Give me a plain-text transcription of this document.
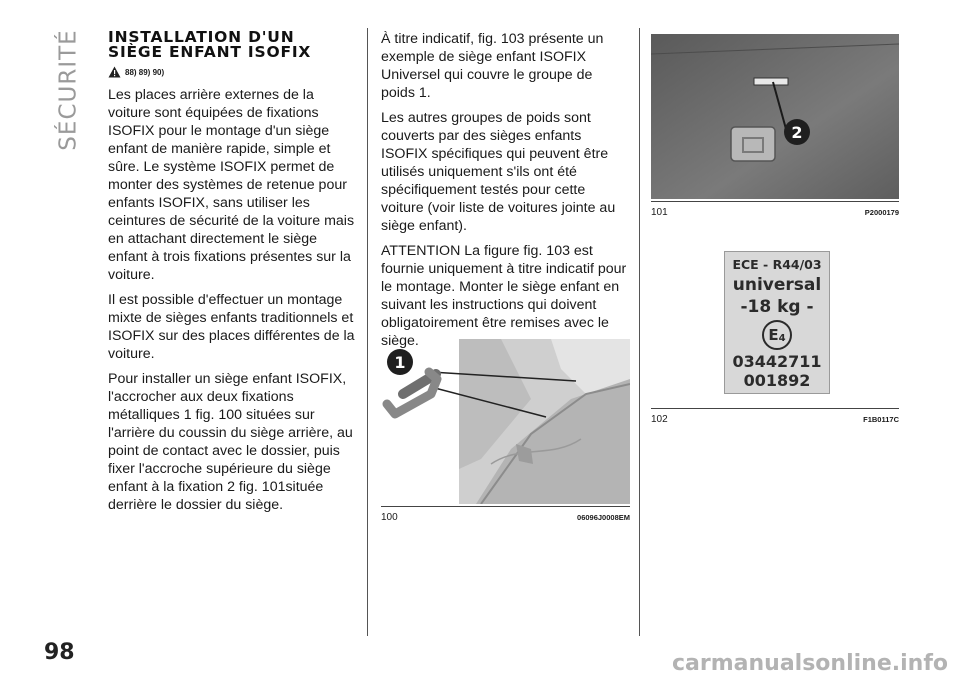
SÉCURITÉ INSTALLATION D'UN
SIÈGE ENFANT ISOFIX
88) 89) 90)

Les places arrière externes de la voiture sont équipées de fixations ISOFIX pour le montage d'un siège enfant de manière rapide, simple et sûre. Le système ISOFIX permet de monter des systèmes de retenue pour enfants ISOFIX, sans utiliser les ceintures de sécurité de la voiture mais en attachant directement le siège enfant à trois fixations présentes sur la voiture.

Il est possible d'effectuer un montage mixte de sièges enfants traditionnels et ISOFIX sur des places différentes de la voiture.

Pour installer un siège enfant ISOFIX, l'accrocher aux deux fixations métalliques 1 fig. 100 situées sur l'arrière du coussin du siège arrière, au point de contact avec le dossier, puis fixer l'accroche supérieure du siège enfant à la fixation 2 fig. 101située derrière le dossier du siège.

À titre indicatif, fig. 103 présente un exemple de siège enfant ISOFIX Universel qui couvre le groupe de poids 1.

Les autres groupes de poids sont couverts par des sièges enfants ISOFIX spécifiques qui peuvent être utilisés uniquement s'ils ont été spécifiquement testés pour cette voiture (voir liste de voitures jointe au siège enfant).

ATTENTION La figure fig. 103 est fournie uniquement à titre indicatif pour le montage. Monter le siège enfant en suivant les instructions qui doivent obligatoirement être remises avec le siège.

1
100	06096J0008EM
2
101	P2000179
ECE - R44/03
universal
-18 kg -
E 4
03442711
001892
102	F1B0117C
98	carmanualsonline.info
